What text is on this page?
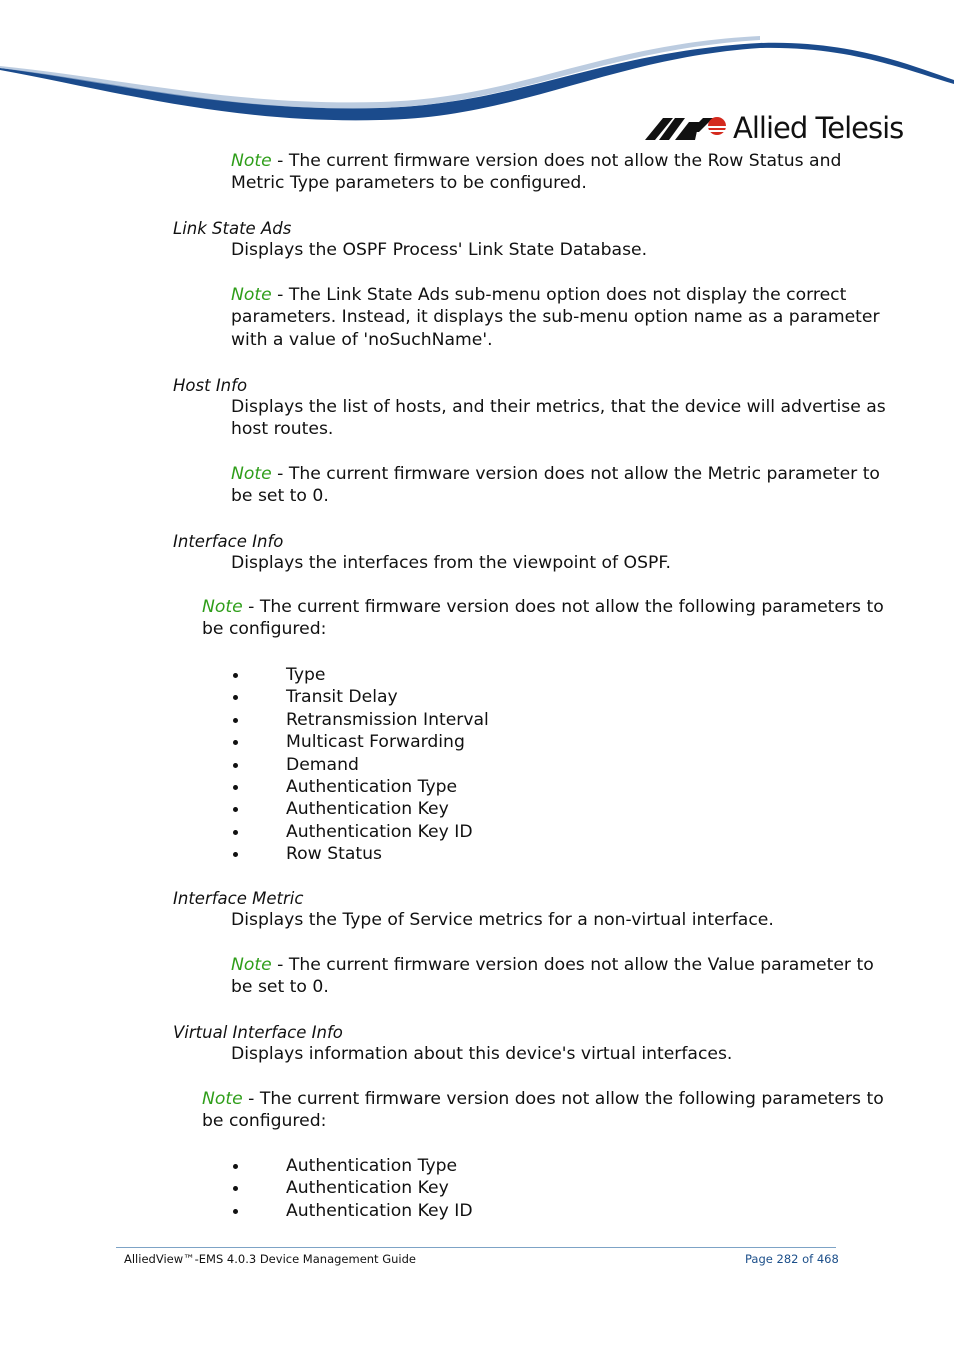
Allied Telesis
Note - The current firmware version does not allow the Row Status and
Metric Type parameters to be configured.
Link State Ads
Displays the OSPF Process' Link State Database.
Note - The Link State Ads sub-menu option does not display the correct
parameters. Instead, it displays the sub-menu option name as a parameter
with a value of 'noSuchName'.
Host Info
Displays the list of hosts, and their metrics, that the device will advertise as
host routes.
Note - The current firmware version does not allow the Metric parameter to
be set to 0.
Interface Info
Displays the interfaces from the viewpoint of OSPF.
Note - The current firmware version does not allow the following parameters to
be configured:
Type
Transit Delay
Retransmission Interval
Multicast Forwarding
Demand
Authentication Type
Authentication Key
Authentication Key ID
Row Status
Interface Metric
Displays the Type of Service metrics for a non-virtual interface.
Note - The current firmware version does not allow the Value parameter to
be set to 0.
Virtual Interface Info
Displays information about this device's virtual interfaces.
Note - The current firmware version does not allow the following parameters to
be configured:
Authentication Type
Authentication Key
Authentication Key ID
AlliedView™-EMS 4.0.3 Device Management Guide	Page 282 of 468
